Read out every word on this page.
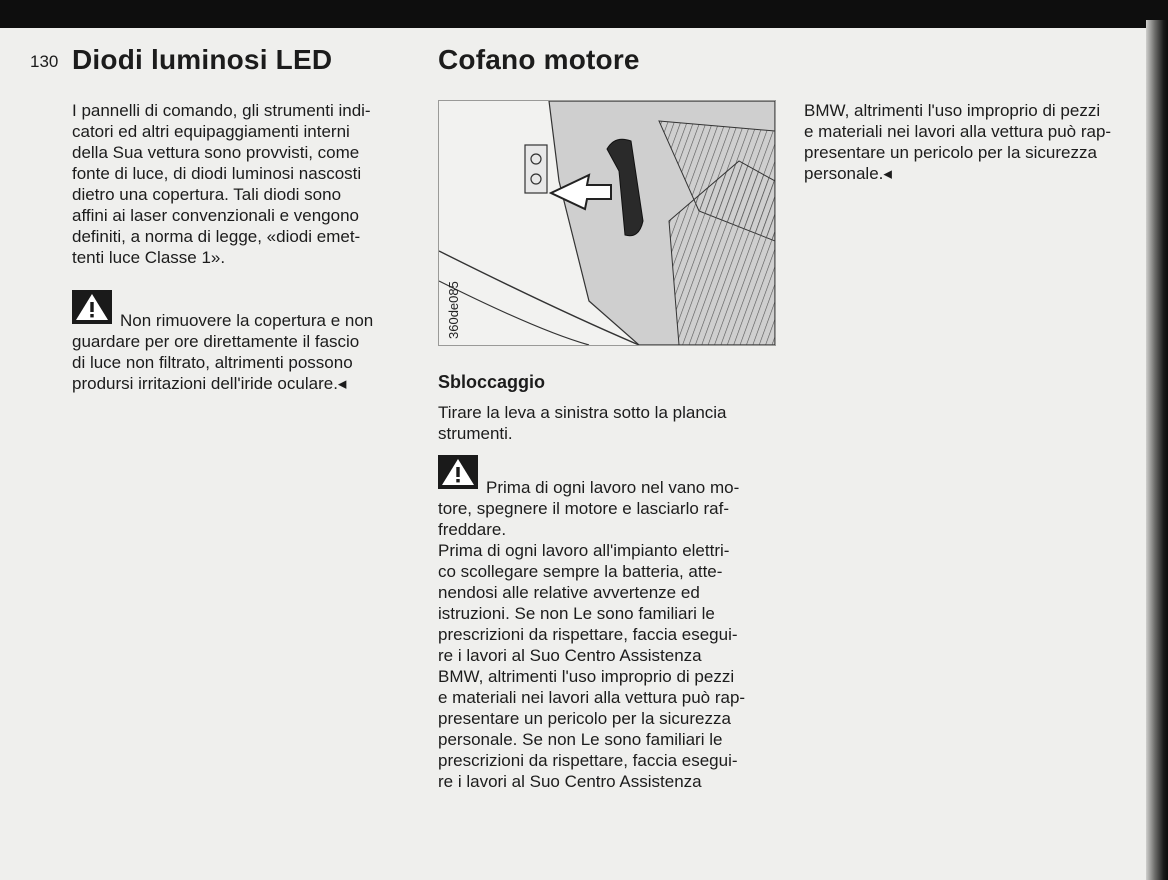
130 Diodi luminosi LED

I pannelli di comando, gli strumenti indi-
catori ed altri equipaggiamenti interni
della Sua vettura sono provvisti, come
fonte di luce, di diodi luminosi nascosti
dietro una copertura. Tali diodi sono
affini ai laser convenzionali e vengono
definiti, a norma di legge, «diodi emet-
tenti luce Classe 1».

Non rimuovere la copertura e non
guardare per ore direttamente il fascio
di luce non filtrato, altrimenti possono
prodursi irritazioni dell'iride oculare.◂

Cofano motore
360de085
Sbloccaggio

Tirare la leva a sinistra sotto la plancia
strumenti.

Prima di ogni lavoro nel vano mo-
tore, spegnere il motore e lasciarlo raf-
freddare.
Prima di ogni lavoro all'impianto elettri-
co scollegare sempre la batteria, atte-
nendosi alle relative avvertenze ed
istruzioni. Se non Le sono familiari le
prescrizioni da rispettare, faccia esegui-
re i lavori al Suo Centro Assistenza
BMW, altrimenti l'uso improprio di pezzi
e materiali nei lavori alla vettura può rap-
presentare un pericolo per la sicurezza
personale. Se non Le sono familiari le
prescrizioni da rispettare, faccia esegui-
re i lavori al Suo Centro Assistenza

BMW, altrimenti l'uso improprio di pezzi
e materiali nei lavori alla vettura può rap-
presentare un pericolo per la sicurezza
personale.◂
